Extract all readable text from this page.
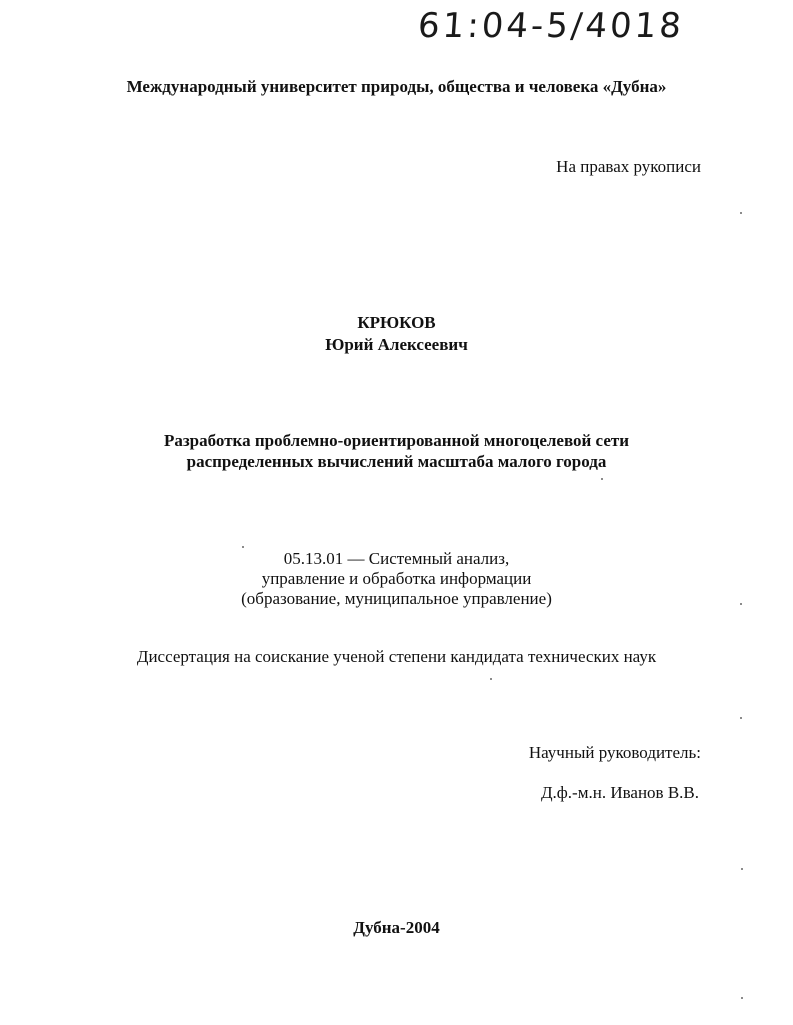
61:04-5/4018
Международный университет природы, общества и человека «Дубна»
На правах рукописи
КРЮКОВ
Юрий Алексеевич
Разработка проблемно-ориентированной многоцелевой сети
распределенных вычислений масштаба малого города
05.13.01 — Системный анализ,
управление и обработка информации
(образование, муниципальное управление)
Диссертация на соискание ученой степени кандидата технических наук
Научный руководитель:
Д.ф.-м.н. Иванов В.В.
Дубна-2004
